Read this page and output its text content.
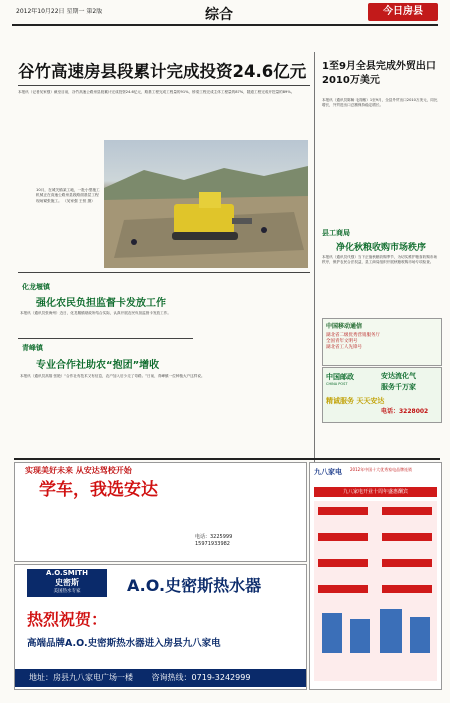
2012年10月22日 星期一 第2版	综合	今日房县
谷竹高速房县段累计完成投资24.6亿元
本报讯（记者吴家强）截至目前，谷竹高速公路房县段累计完成投资24.6亿元，路基工程完成工程量的91%，桥梁工程完成主体工程量的87%，隧道工程完成开挖量的89%。
10月，在城关镇某工地，一批小型施工机械正在高速公路房县段路面基层工程现场紧张施工。 （吴家强 王恒 摄）
1至9月全县完成外贸出口2010万美元
本报讯（通讯员陈畅 毛翔敏）1至9月，全县外贸出口2010万美元，同比增长，外贸进出口总额保持稳定增长。
县工商局
净化秋粮收购市场秩序
本报讯（通讯员代强）当下正值秋粮收购季节，为切实维护粮食收购市场秩序，保护农民合法权益，县工商局组织开展秋粮收购市场专项检查。
化龙堰镇
强化农民负担监督卡发放工作
本报讯（通讯员张海州）近日，化龙堰镇财政所结合实际，认真开展农民负担监督卡发放工作。
青峰镇
专业合作社助农“抱团”增收
本报讯（通讯员高翔 张艳）“合作社有技术又有信息，农户加入后少走了弯路。”日前，青峰镇一位种植大户这样说。
中国移动通信
湖北省二级优秀营销服务厅
全国青年文明号
湖北省工人先锋号
中国邮政
CHINA POST
安达流化气
服务千万家
精诚服务 天天安达
电话：3228002
实现美好未来 从安达驾校开始
学车，我选安达
电话：3225999
15971933982
九八家电 2012年中国十大优秀家电品牌连锁
九八家电开业十周年盛惠酬宾
A.O.SMITH
史密斯
美国热水专家	A.O.史密斯热水器
热烈祝贺：
高端品牌A.O.史密斯热水器进入房县九八家电
地址：房县九八家电广场一楼 咨询热线：0719-3242999
